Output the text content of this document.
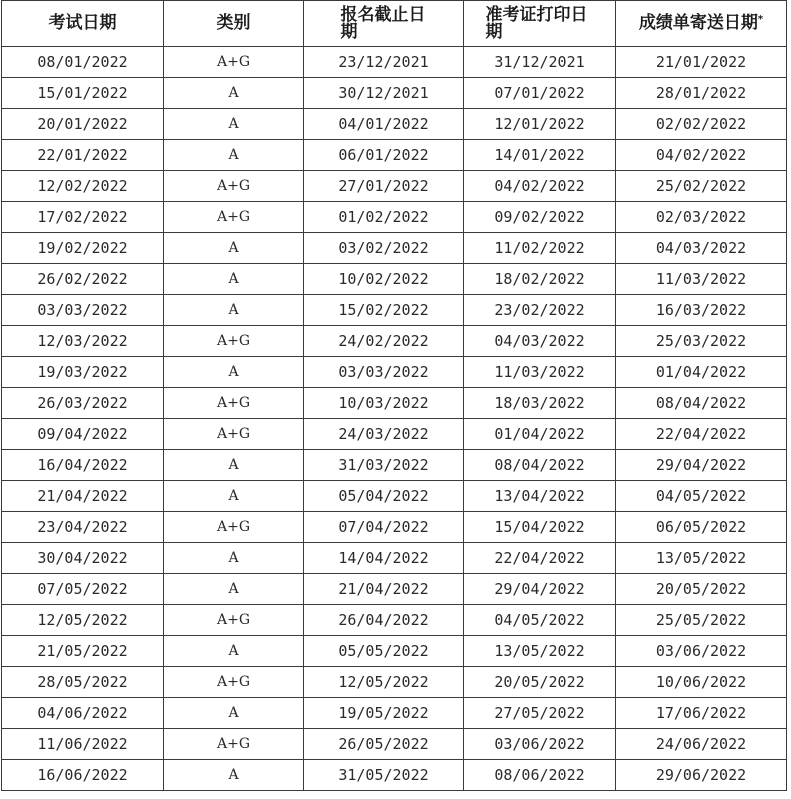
考试日期	类别	报名截止日期	准考证打印日期	成绩单寄送日期*
08/01/2022	A+G	23/12/2021	31/12/2021	21/01/2022
15/01/2022	A	30/12/2021	07/01/2022	28/01/2022
20/01/2022	A	04/01/2022	12/01/2022	02/02/2022
22/01/2022	A	06/01/2022	14/01/2022	04/02/2022
12/02/2022	A+G	27/01/2022	04/02/2022	25/02/2022
17/02/2022	A+G	01/02/2022	09/02/2022	02/03/2022
19/02/2022	A	03/02/2022	11/02/2022	04/03/2022
26/02/2022	A	10/02/2022	18/02/2022	11/03/2022
03/03/2022	A	15/02/2022	23/02/2022	16/03/2022
12/03/2022	A+G	24/02/2022	04/03/2022	25/03/2022
19/03/2022	A	03/03/2022	11/03/2022	01/04/2022
26/03/2022	A+G	10/03/2022	18/03/2022	08/04/2022
09/04/2022	A+G	24/03/2022	01/04/2022	22/04/2022
16/04/2022	A	31/03/2022	08/04/2022	29/04/2022
21/04/2022	A	05/04/2022	13/04/2022	04/05/2022
23/04/2022	A+G	07/04/2022	15/04/2022	06/05/2022
30/04/2022	A	14/04/2022	22/04/2022	13/05/2022
07/05/2022	A	21/04/2022	29/04/2022	20/05/2022
12/05/2022	A+G	26/04/2022	04/05/2022	25/05/2022
21/05/2022	A	05/05/2022	13/05/2022	03/06/2022
28/05/2022	A+G	12/05/2022	20/05/2022	10/06/2022
04/06/2022	A	19/05/2022	27/05/2022	17/06/2022
11/06/2022	A+G	26/05/2022	03/06/2022	24/06/2022
16/06/2022	A	31/05/2022	08/06/2022	29/06/2022
